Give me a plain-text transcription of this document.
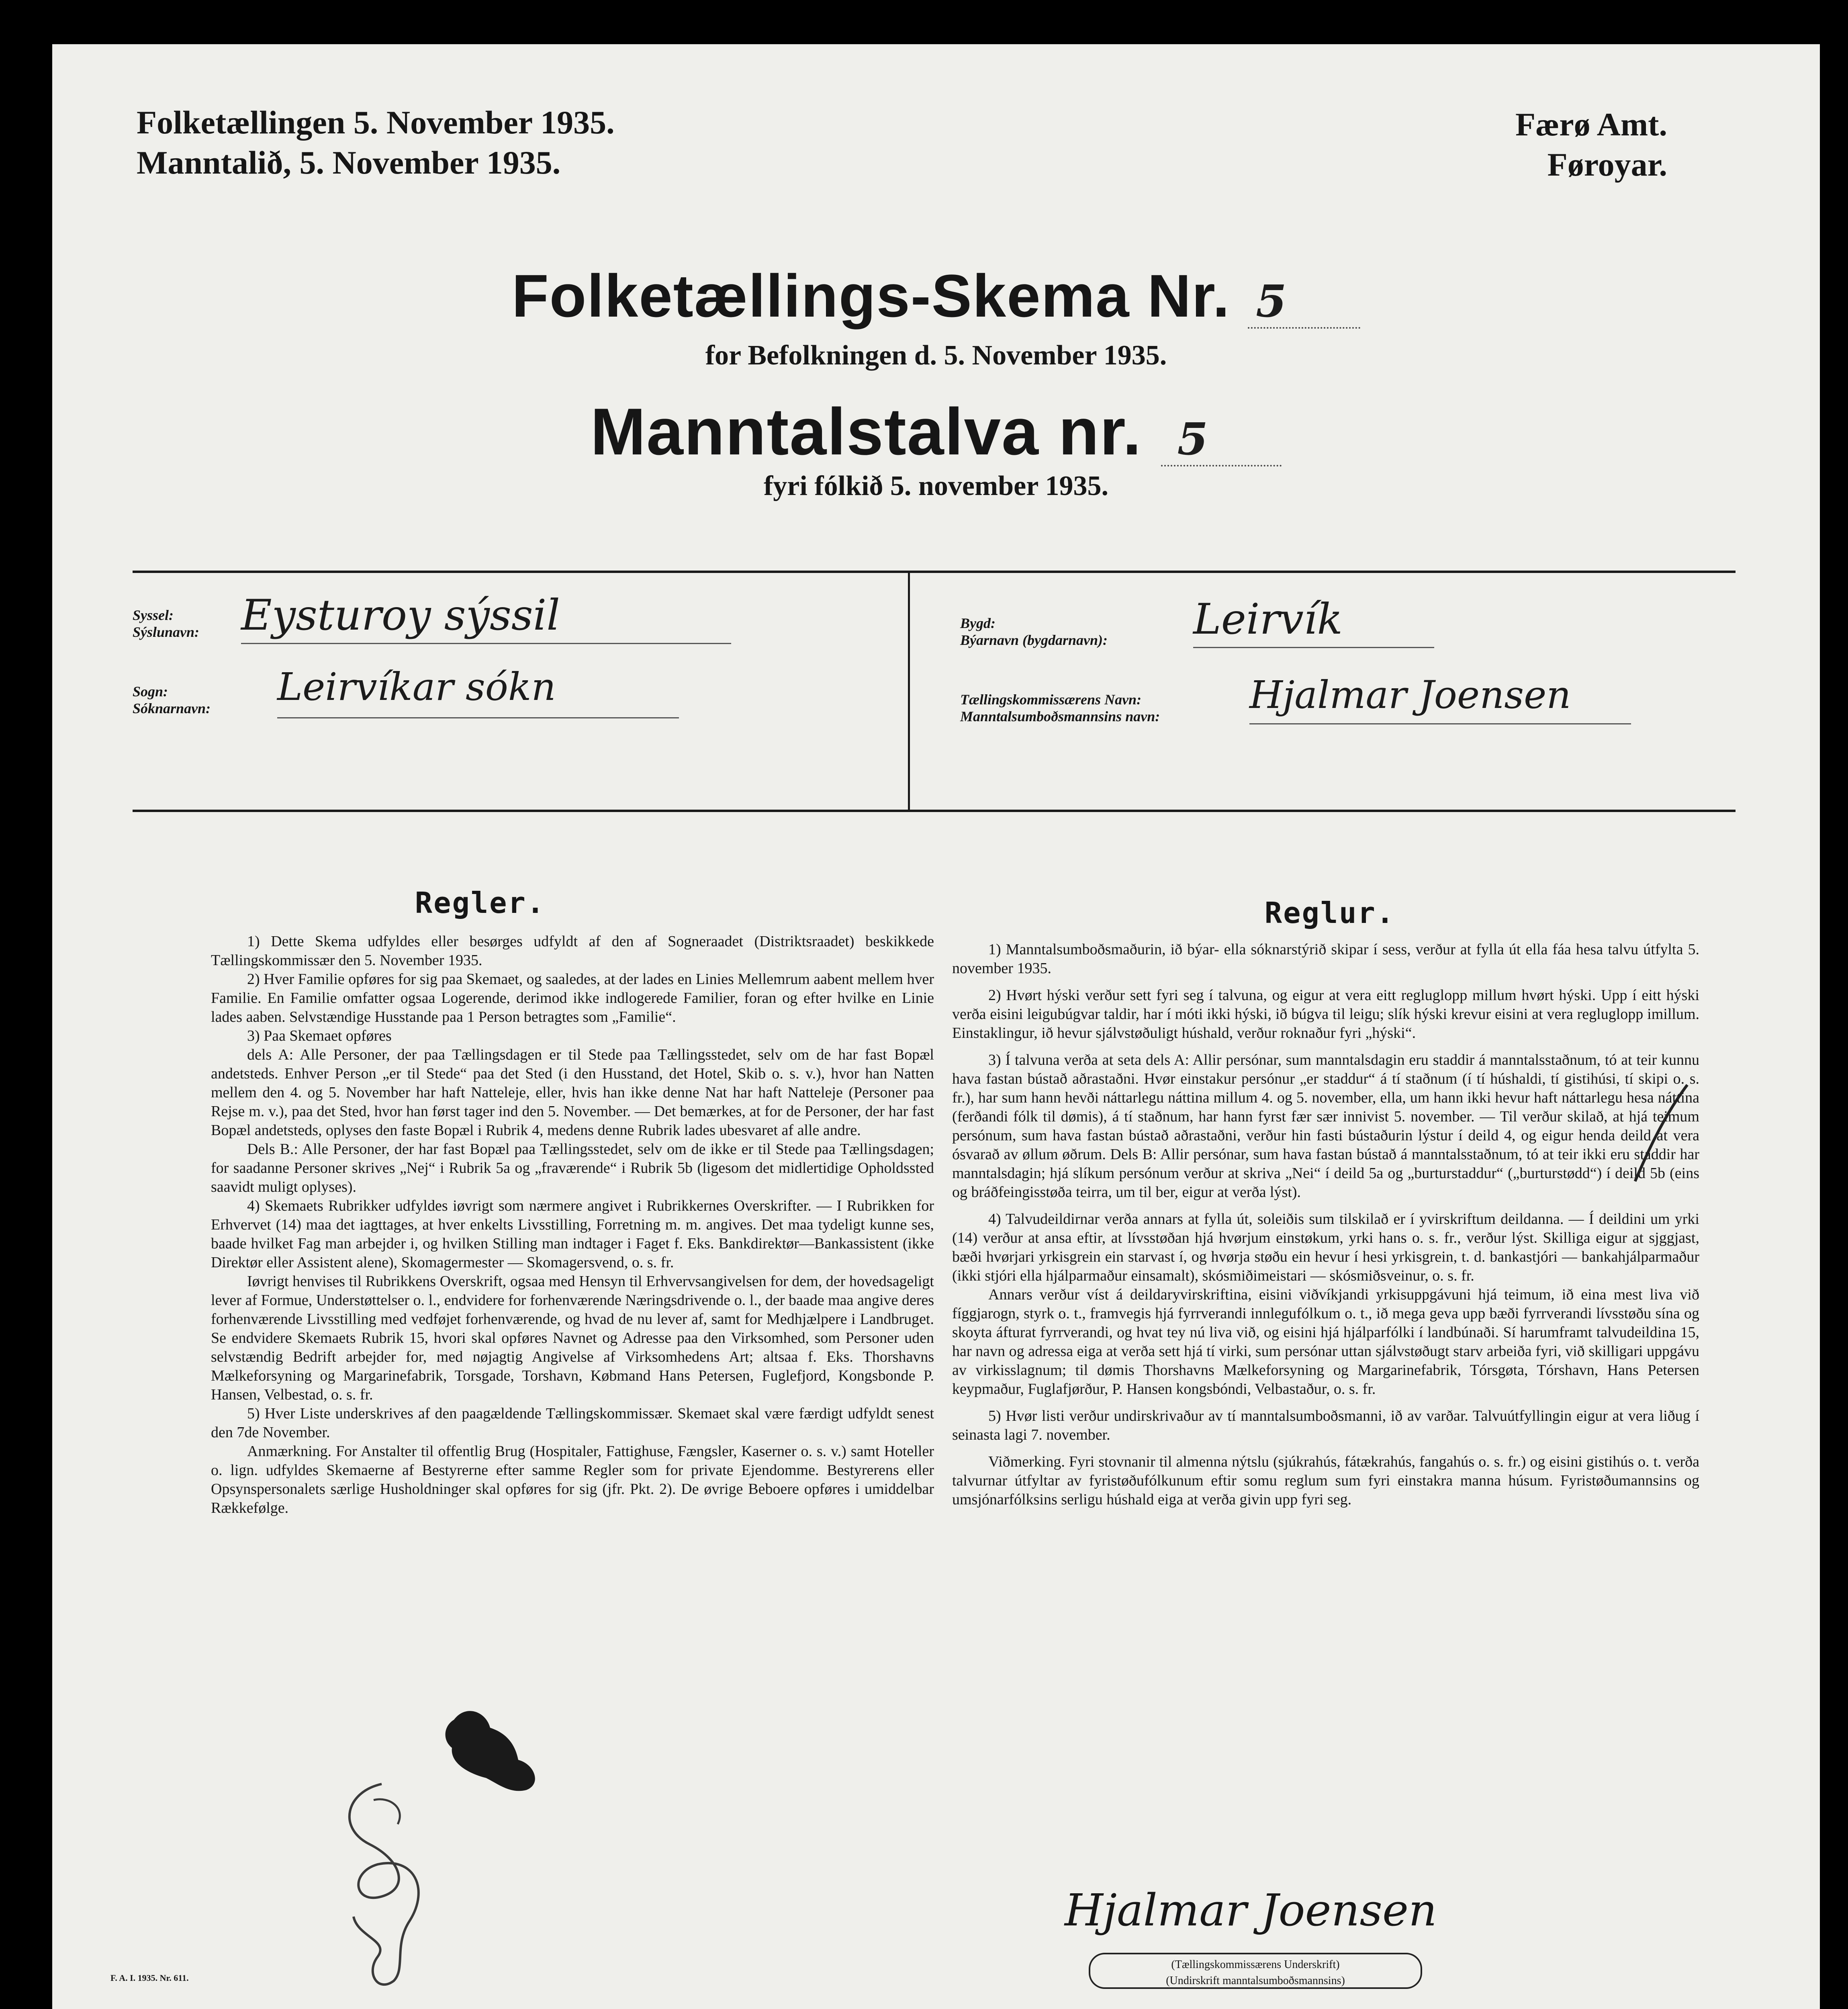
Folketællingen 5. November 1935.
Manntalið, 5. November 1935.
Færø Amt.
Føroyar.
Folketællings-Skema Nr. 5
for Befolkningen d. 5. November 1935.
Manntalstalva nr. 5
fyri fólkið 5. november 1935.
Syssel:
Sýslunavn: Eysturoy sýssil
Sogn:
Sóknarnavn: Leirvíkar sókn
Bygd:
Býarnavn (bygdarnavn): Leirvík
Tællingskommissærens Navn:
Manntalsumboðsmannsins navn: Hjalmar Joensen
Regler.	Reglur.

1) Dette Skema udfyldes eller besørges udfyldt af den af Sogneraadet (Distriktsraadet) beskikkede Tællingskommissær den 5. November 1935.

2) Hver Familie opføres for sig paa Skemaet, og saaledes, at der lades en Linies Mellemrum aabent mellem hver Familie. En Familie omfatter ogsaa Logerende, derimod ikke indlogerede Familier, foran og efter hvilke en Linie lades aaben. Selvstændige Husstande paa 1 Person betragtes som „Familie“.

3) Paa Skemaet opføres

dels A: Alle Personer, der paa Tællingsdagen er til Stede paa Tællingsstedet, selv om de har fast Bopæl andetsteds. Enhver Person „er til Stede“ paa det Sted (i den Husstand, det Hotel, Skib o. s. v.), hvor han Natten mellem den 4. og 5. November har haft Natteleje, eller, hvis han ikke denne Nat har haft Natteleje (Personer paa Rejse m. v.), paa det Sted, hvor han først tager ind den 5. November. — Det bemærkes, at for de Personer, der har fast Bopæl andetsteds, oplyses den faste Bopæl i Rubrik 4, medens denne Rubrik lades ubesvaret af alle andre.

Dels B.: Alle Personer, der har fast Bopæl paa Tællingsstedet, selv om de ikke er til Stede paa Tællingsdagen; for saadanne Personer skrives „Nej“ i Rubrik 5a og „fraværende“ i Rubrik 5b (ligesom det midlertidige Opholdssted saavidt muligt oplyses).

4) Skemaets Rubrikker udfyldes iøvrigt som nærmere angivet i Rubrikkernes Overskrifter. — I Rubrikken for Erhvervet (14) maa det iagttages, at hver enkelts Livsstilling, Forretning m. m. angives. Det maa tydeligt kunne ses, baade hvilket Fag man arbejder i, og hvilken Stilling man indtager i Faget f. Eks. Bankdirektør—Bankassistent (ikke Direktør eller Assistent alene), Skomagermester — Skomagersvend, o. s. fr.

Iøvrigt henvises til Rubrikkens Overskrift, ogsaa med Hensyn til Erhvervsangivelsen for dem, der hovedsageligt lever af Formue, Understøttelser o. l., endvidere for forhenværende Næringsdrivende o. l., der baade maa angive deres forhenværende Livsstilling med vedføjet forhenværende, og hvad de nu lever af, samt for Medhjælpere i Landbruget. Se endvidere Skemaets Rubrik 15, hvori skal opføres Navnet og Adresse paa den Virksomhed, som Personer uden selvstændig Bedrift arbejder for, med nøjagtig Angivelse af Virksomhedens Art; altsaa f. Eks. Thorshavns Mælkeforsyning og Margarinefabrik, Torsgade, Torshavn, Købmand Hans Petersen, Fuglefjord, Kongsbonde P. Hansen, Velbestad, o. s. fr.

5) Hver Liste underskrives af den paagældende Tællingskommissær. Skemaet skal være færdigt udfyldt senest den 7de November.

Anmærkning. For Anstalter til offentlig Brug (Hospitaler, Fattighuse, Fængsler, Kaserner o. s. v.) samt Hoteller o. lign. udfyldes Skemaerne af Bestyrerne efter samme Regler som for private Ejendomme. Bestyrerens eller Opsynspersonalets særlige Husholdninger skal opføres for sig (jfr. Pkt. 2). De øvrige Beboere opføres i umiddelbar Rækkefølge.

1) Manntalsumboðsmaðurin, ið býar- ella sóknarstýrið skipar í sess, verður at fylla út ella fáa hesa talvu útfylta 5. november 1935.

2) Hvørt hýski verður sett fyri seg í talvuna, og eigur at vera eitt regluglopp millum hvørt hýski. Upp í eitt hýski verða eisini leigubúgvar taldir, har í móti ikki hýski, ið búgva til leigu; slík hýski krevur eisini at vera regluglopp imillum. Einstaklingur, ið hevur sjálvstøðuligt húshald, verður roknaður fyri „hýski“.

3) Í talvuna verða at seta dels A: Allir persónar, sum manntalsdagin eru staddir á manntalsstaðnum, tó at teir kunnu hava fastan bústað aðrastaðni. Hvør einstakur persónur „er staddur“ á tí staðnum (í tí húshaldi, tí gistihúsi, tí skipi o. s. fr.), har sum hann hevði náttarlegu náttina millum 4. og 5. november, ella, um hann ikki hevur haft náttarlegu hesa náttina (ferðandi fólk til dømis), á tí staðnum, har hann fyrst fær sær innivist 5. november. — Til verður skilað, at hjá teimum persónum, sum hava fastan bústað aðrastaðni, verður hin fasti bústaðurin lýstur í deild 4, og eigur henda deild at vera ósvarað av øllum øðrum. Dels B: Allir persónar, sum hava fastan bústað á manntalsstaðnum, tó at teir ikki eru staddir har manntalsdagin; hjá slíkum persónum verður at skriva „Nei“ í deild 5a og „burturstaddur“ („burturstødd“) í deild 5b (eins og bráðfeingisstøða teirra, um til ber, eigur at verða lýst).

4) Talvudeildirnar verða annars at fylla út, soleiðis sum tilskilað er í yvirskriftum deildanna. — Í deildini um yrki (14) verður at ansa eftir, at lívsstøðan hjá hvørjum einstøkum, yrki hans o. s. fr., verður lýst. Skilliga eigur at sjggjast, bæði hvørjari yrkisgrein ein starvast í, og hvørja støðu ein hevur í hesi yrkisgrein, t. d. bankastjóri — bankahjálparmaður (ikki stjóri ella hjálparmaður einsamalt), skósmiðimeistari — skósmiðsveinur, o. s. fr.

Annars verður víst á deildaryvirskriftina, eisini viðvíkjandi yrkisuppgávuni hjá teimum, ið eina mest liva við fíggjarogn, styrk o. t., framvegis hjá fyrrverandi innlegufólkum o. t., ið mega geva upp bæði fyrrverandi lívsstøðu sína og skoyta áfturat fyrrverandi, og hvat tey nú liva við, og eisini hjá hjálparfólki í landbúnaði. Sí harumframt talvudeildina 15, har navn og adressa eiga at verða sett hjá tí virki, sum persónar uttan sjálvstøðugt starv arbeiða fyri, við skilligari uppgávu av virkisslagnum; til dømis Thorshavns Mælkeforsyning og Margarinefabrik, Tórsgøta, Tórshavn, Hans Petersen keypmaður, Fuglafjørður, P. Hansen kongsbóndi, Velbastaður, o. s. fr.

5) Hvør listi verður undirskrivaður av tí manntalsumboðsmanni, ið av varðar. Talvuútfyllingin eigur at vera liðug í seinasta lagi 7. november.

Viðmerking. Fyri stovnanir til almenna nýtslu (sjúkrahús, fátækrahús, fangahús o. s. fr.) og eisini gistihús o. t. verða talvurnar útfyltar av fyristøðufólkunum eftir somu reglum sum fyri einstakra manna húsum. Fyristøðumannsins og umsjónarfólksins serligu húshald eiga at verða givin upp fyri seg.

Hjalmar Joensen
(Tællingskommissærens Underskrift)
(Undirskrift manntalsumboðsmannsins)
F. A. I. 1935. Nr. 611.
